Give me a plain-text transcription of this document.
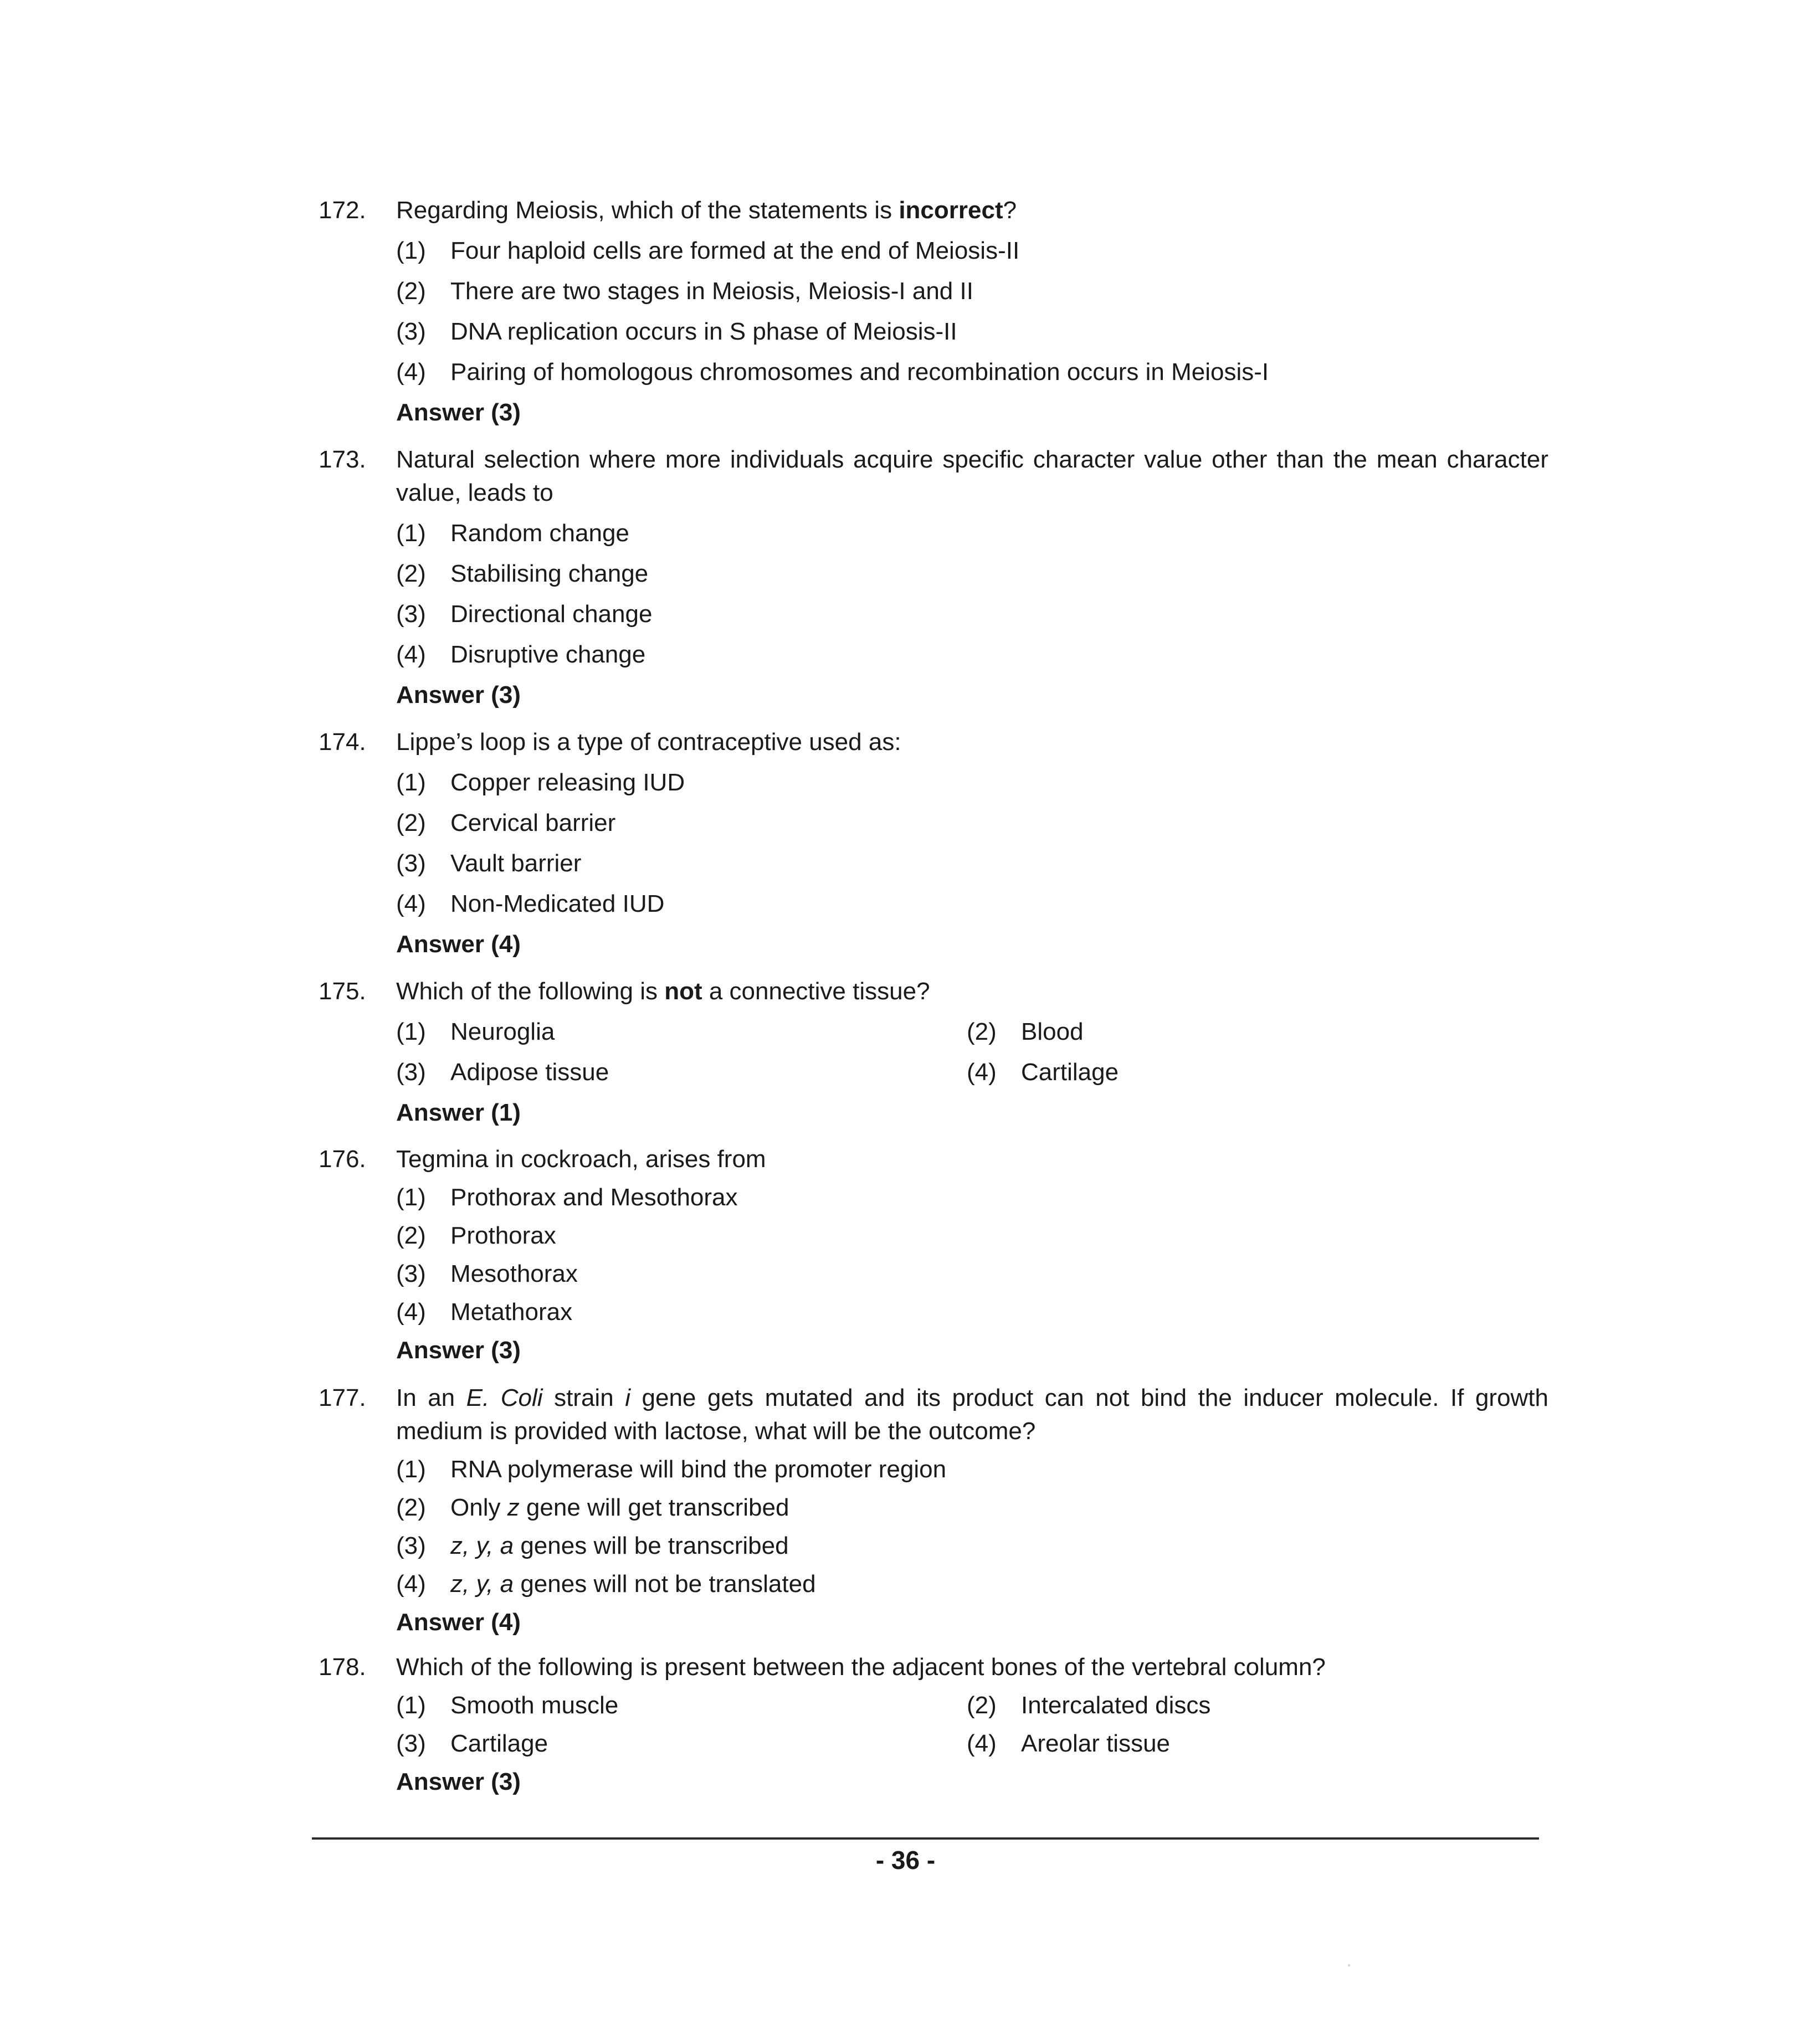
172. Regarding Meiosis, which of the statements is incorrect?
(1) Four haploid cells are formed at the end of Meiosis-II
(2) There are two stages in Meiosis, Meiosis-I and II
(3) DNA replication occurs in S phase of Meiosis-II
(4) Pairing of homologous chromosomes and recombination occurs in Meiosis-I
Answer (3)
173. Natural selection where more individuals acquire specific character value other than the mean character value, leads to
(1) Random change
(2) Stabilising change
(3) Directional change
(4) Disruptive change
Answer (3)
174. Lippe’s loop is a type of contraceptive used as:
(1) Copper releasing IUD
(2) Cervical barrier
(3) Vault barrier
(4) Non-Medicated IUD
Answer (4)
175. Which of the following is not a connective tissue?
(1) Neuroglia	(2) Blood
(3) Adipose tissue	(4) Cartilage
Answer (1)
176. Tegmina in cockroach, arises from
(1) Prothorax and Mesothorax
(2) Prothorax
(3) Mesothorax
(4) Metathorax
Answer (3)
177. In an E. Coli strain i gene gets mutated and its product can not bind the inducer molecule. If growth medium is provided with lactose, what will be the outcome?
(1) RNA polymerase will bind the promoter region
(2) Only z gene will get transcribed
(3) z, y, a genes will be transcribed
(4) z, y, a genes will not be translated
Answer (4)
178. Which of the following is present between the adjacent bones of the vertebral column?
(1) Smooth muscle	(2) Intercalated discs
(3) Cartilage	(4) Areolar tissue
Answer (3)
- 36 -
